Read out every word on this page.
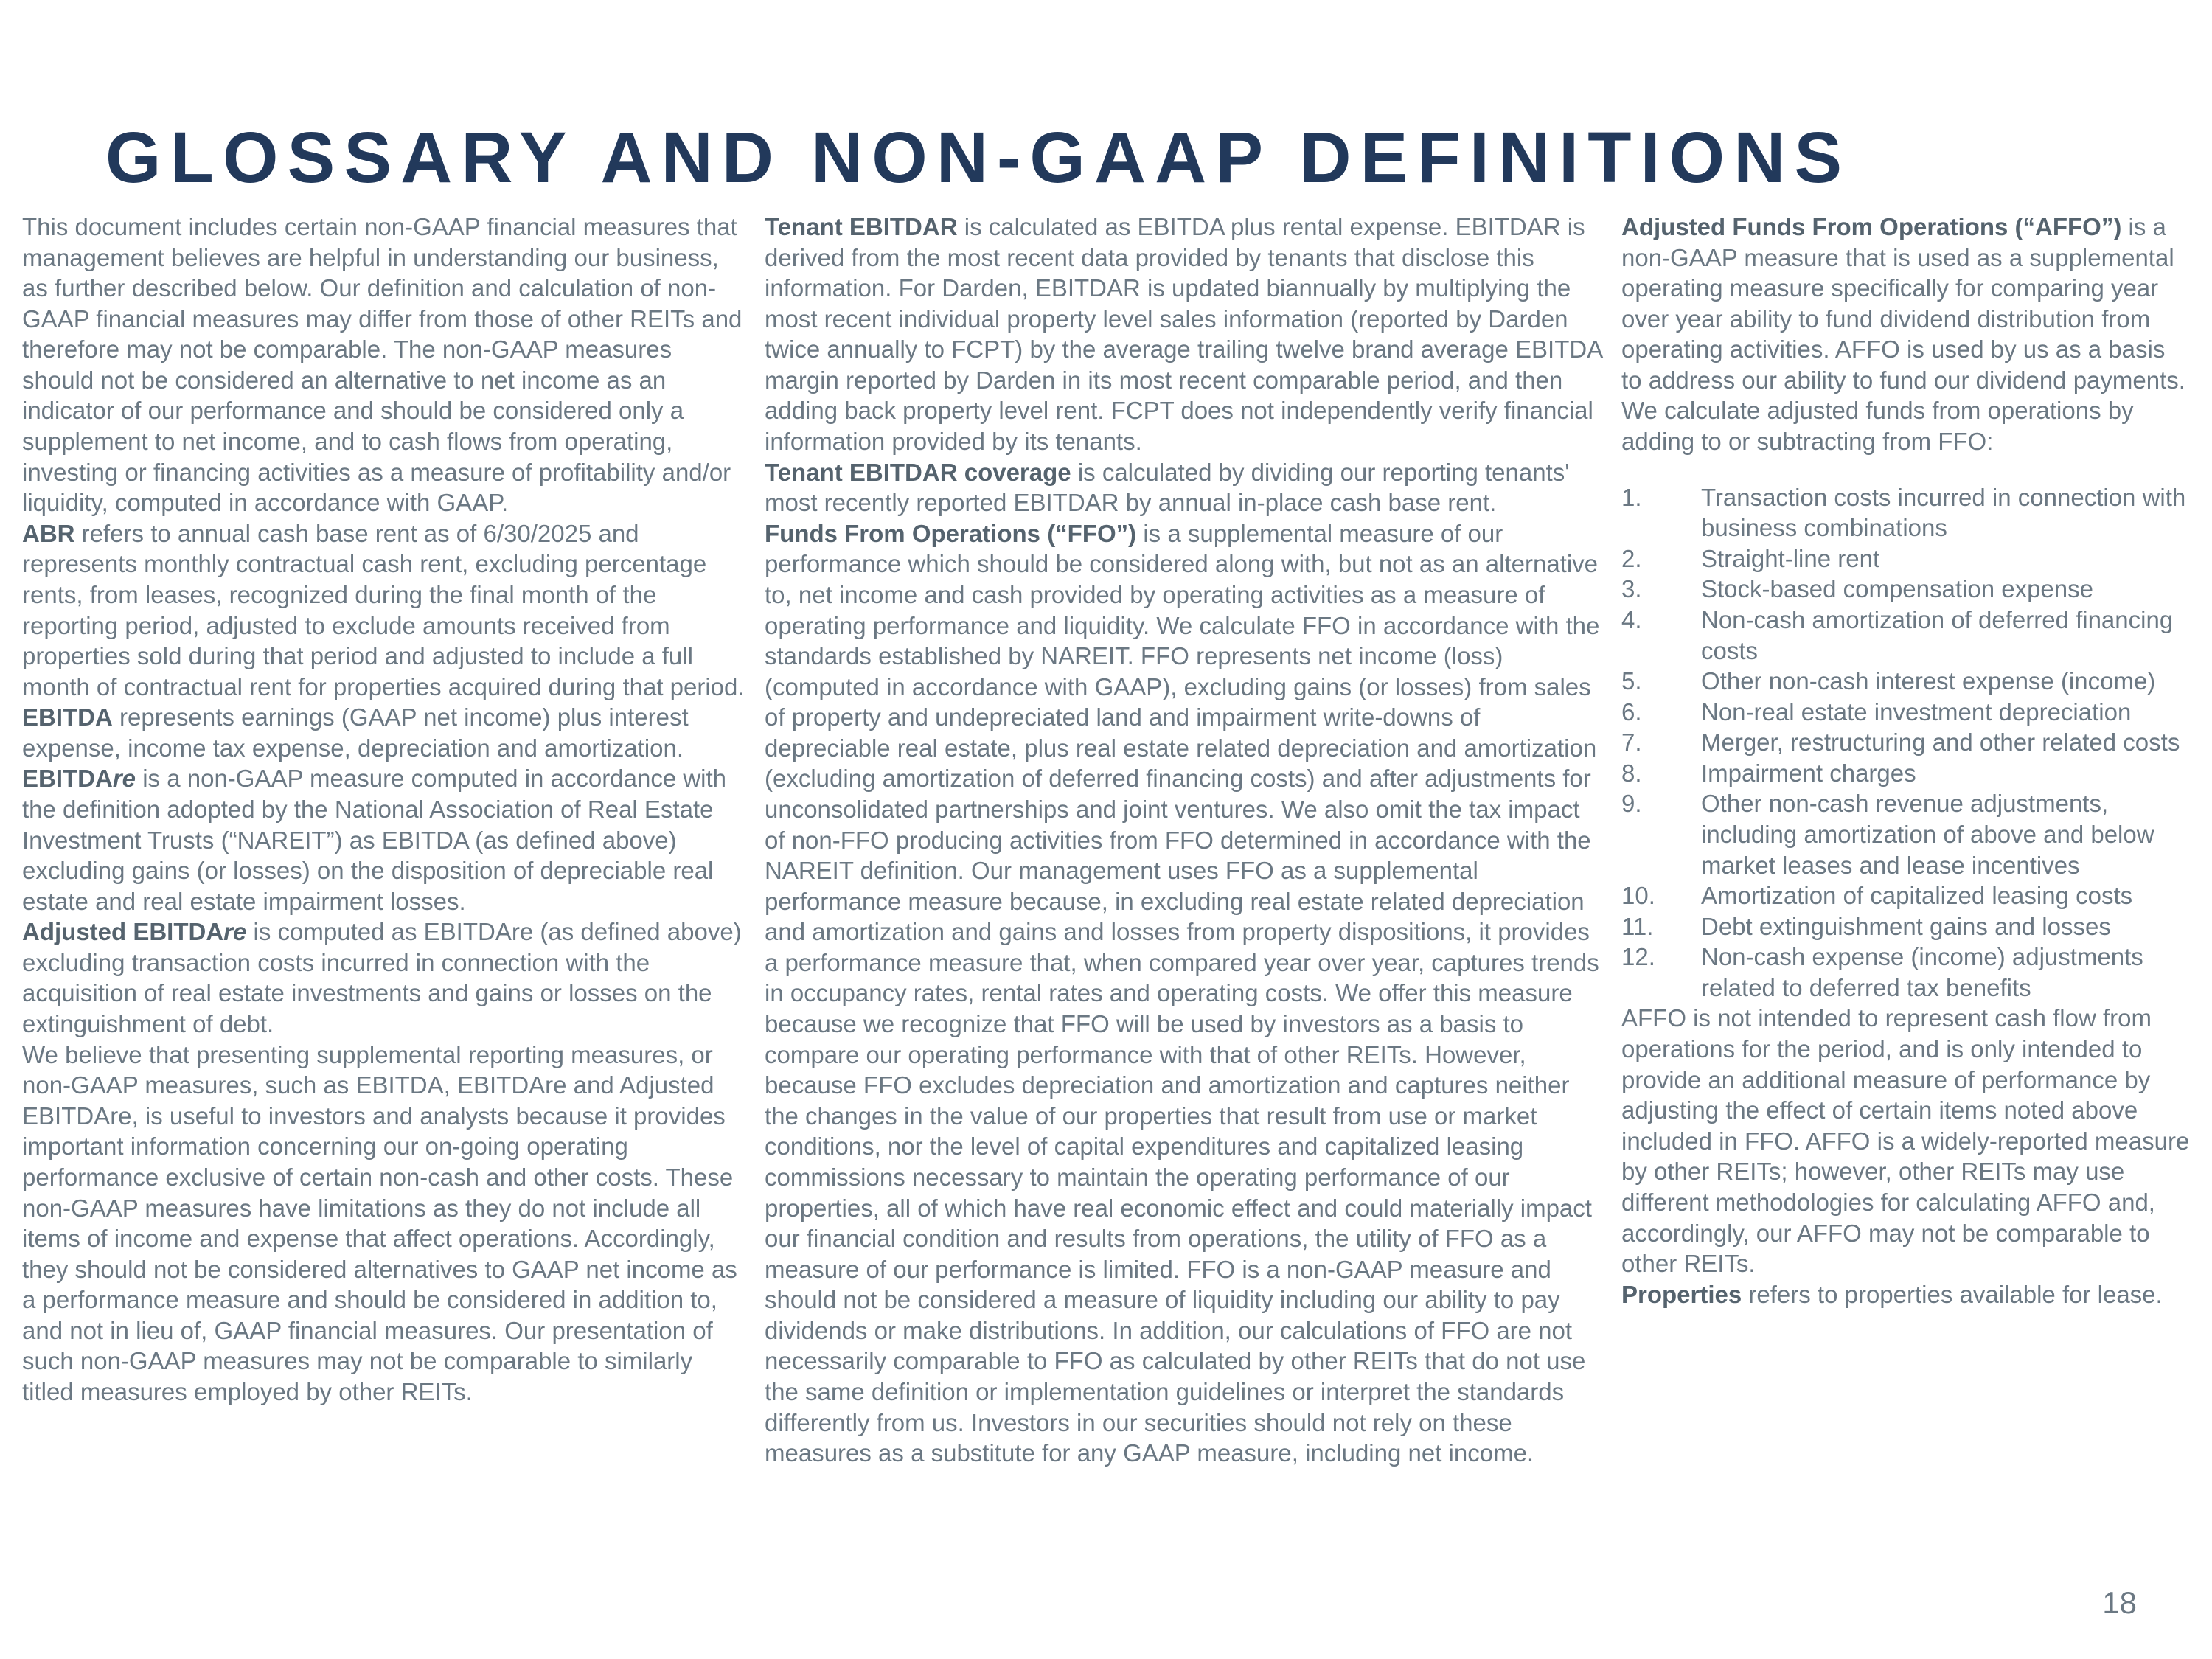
GLOSSARY AND NON-GAAP DEFINITIONS

This document includes certain non-GAAP financial measures that management believes are helpful in understanding our business, as further described below. Our definition and calculation of non-GAAP financial measures may differ from those of other REITs and therefore may not be comparable. The non-GAAP measures should not be considered an alternative to net income as an indicator of our performance and should be considered only a supplement to net income, and to cash flows from operating, investing or financing activities as a measure of profitability and/or liquidity, computed in accordance with GAAP.

ABR refers to annual cash base rent as of 6/30/2025 and represents monthly contractual cash rent, excluding percentage rents, from leases, recognized during the final month of the reporting period, adjusted to exclude amounts received from properties sold during that period and adjusted to include a full month of contractual rent for properties acquired during that period.

EBITDA represents earnings (GAAP net income) plus interest expense, income tax expense, depreciation and amortization.

EBITDAre is a non-GAAP measure computed in accordance with the definition adopted by the National Association of Real Estate Investment Trusts (“NAREIT”) as EBITDA (as defined above) excluding gains (or losses) on the disposition of depreciable real estate and real estate impairment losses.

Adjusted EBITDAre is computed as EBITDAre (as defined above) excluding transaction costs incurred in connection with the acquisition of real estate investments and gains or losses on the extinguishment of debt.

We believe that presenting supplemental reporting measures, or non-GAAP measures, such as EBITDA, EBITDAre and Adjusted EBITDAre, is useful to investors and analysts because it provides important information concerning our on-going operating performance exclusive of certain non-cash and other costs. These non-GAAP measures have limitations as they do not include all items of income and expense that affect operations. Accordingly, they should not be considered alternatives to GAAP net income as a performance measure and should be considered in addition to, and not in lieu of, GAAP financial measures. Our presentation of such non-GAAP measures may not be comparable to similarly titled measures employed by other REITs.

Tenant EBITDAR is calculated as EBITDA plus rental expense. EBITDAR is derived from the most recent data provided by tenants that disclose this information. For Darden, EBITDAR is updated biannually by multiplying the most recent individual property level sales information (reported by Darden twice annually to FCPT) by the average trailing twelve brand average EBITDA margin reported by Darden in its most recent comparable period, and then adding back property level rent. FCPT does not independently verify financial information provided by its tenants.

Tenant EBITDAR coverage is calculated by dividing our reporting tenants' most recently reported EBITDAR by annual in-place cash base rent.

Funds From Operations (“FFO”) is a supplemental measure of our performance which should be considered along with, but not as an alternative to, net income and cash provided by operating activities as a measure of operating performance and liquidity. We calculate FFO in accordance with the standards established by NAREIT. FFO represents net income (loss) (computed in accordance with GAAP), excluding gains (or losses) from sales of property and undepreciated land and impairment write-downs of depreciable real estate, plus real estate related depreciation and amortization (excluding amortization of deferred financing costs) and after adjustments for unconsolidated partnerships and joint ventures. We also omit the tax impact of non-FFO producing activities from FFO determined in accordance with the NAREIT definition. Our management uses FFO as a supplemental performance measure because, in excluding real estate related depreciation and amortization and gains and losses from property dispositions, it provides a performance measure that, when compared year over year, captures trends in occupancy rates, rental rates and operating costs. We offer this measure because we recognize that FFO will be used by investors as a basis to compare our operating performance with that of other REITs. However, because FFO excludes depreciation and amortization and captures neither the changes in the value of our properties that result from use or market conditions, nor the level of capital expenditures and capitalized leasing commissions necessary to maintain the operating performance of our properties, all of which have real economic effect and could materially impact our financial condition and results from operations, the utility of FFO as a measure of our performance is limited. FFO is a non-GAAP measure and should not be considered a measure of liquidity including our ability to pay dividends or make distributions. In addition, our calculations of FFO are not necessarily comparable to FFO as calculated by other REITs that do not use the same definition or implementation guidelines or interpret the standards differently from us. Investors in our securities should not rely on these measures as a substitute for any GAAP measure, including net income.

Adjusted Funds From Operations (“AFFO”) is a non-GAAP measure that is used as a supplemental operating measure specifically for comparing year over year ability to fund dividend distribution from operating activities. AFFO is used by us as a basis to address our ability to fund our dividend payments. We calculate adjusted funds from operations by adding to or subtracting from FFO:

1.	Transaction costs incurred in connection with business combinations
2.	Straight-line rent
3.	Stock-based compensation expense
4.	Non-cash amortization of deferred financing costs
5.	Other non-cash interest expense (income)
6.	Non-real estate investment depreciation
7.	Merger, restructuring and other related costs
8.	Impairment charges
9.	Other non-cash revenue adjustments, including amortization of above and below market leases and lease incentives
10.	Amortization of capitalized leasing costs
11.	Debt extinguishment gains and losses
12.	Non-cash expense (income) adjustments related to deferred tax benefits

AFFO is not intended to represent cash flow from operations for the period, and is only intended to provide an additional measure of performance by adjusting the effect of certain items noted above included in FFO. AFFO is a widely-reported measure by other REITs; however, other REITs may use different methodologies for calculating AFFO and, accordingly, our AFFO may not be comparable to other REITs.

Properties refers to properties available for lease.

18
